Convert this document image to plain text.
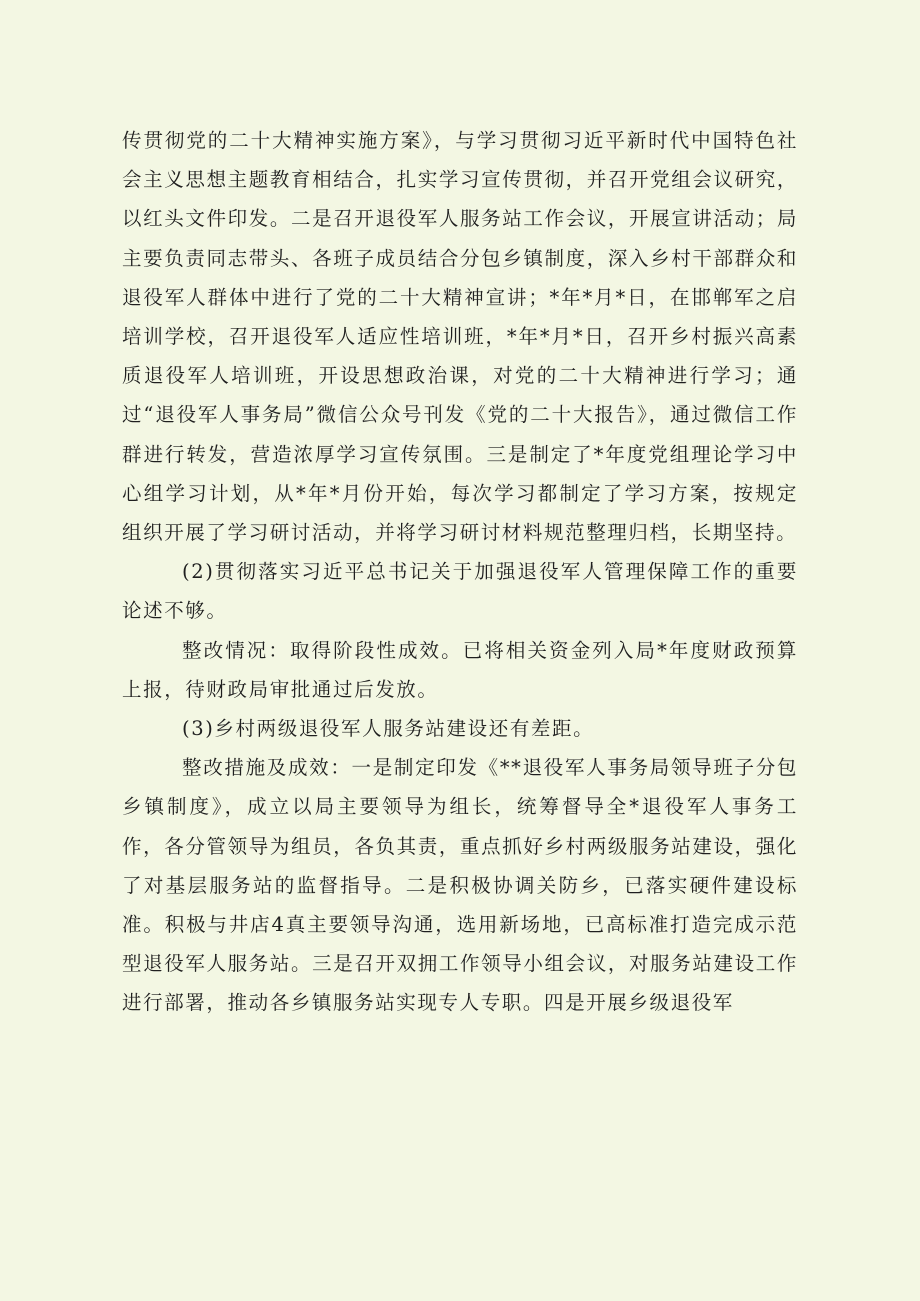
传贯彻党的二十大精神实施方案》，与学习贯彻习近平新时代中国特色社会主义思想主题教育相结合，扎实学习宣传贯彻，并召开党组会议研究，以红头文件印发。二是召开退役军人服务站工作会议，开展宣讲活动；局主要负责同志带头、各班子成员结合分包乡镇制度，深入乡村干部群众和退役军人群体中进行了党的二十大精神宣讲；*年*月*日，在邯郸军之启培训学校，召开退役军人适应性培训班，*年*月*日，召开乡村振兴高素质退役军人培训班，开设思想政治课，对党的二十大精神进行学习；通过“退役军人事务局”微信公众号刊发《党的二十大报告》，通过微信工作群进行转发，营造浓厚学习宣传氛围。三是制定了*年度党组理论学习中心组学习计划，从*年*月份开始，每次学习都制定了学习方案，按规定组织开展了学习研讨活动，并将学习研讨材料规范整理归档，长期坚持。

(2)贯彻落实习近平总书记关于加强退役军人管理保障工作的重要论述不够。

整改情况：取得阶段性成效。已将相关资金列入局*年度财政预算上报，待财政局审批通过后发放。

(3)乡村两级退役军人服务站建设还有差距。

整改措施及成效：一是制定印发《**退役军人事务局领导班子分包乡镇制度》，成立以局主要领导为组长，统筹督导全*退役军人事务工作，各分管领导为组员，各负其责，重点抓好乡村两级服务站建设，强化了对基层服务站的监督指导。二是积极协调关防乡，已落实硬件建设标准。积极与井店4真主要领导沟通，选用新场地，已高标准打造完成示范型退役军人服务站。三是召开双拥工作领导小组会议，对服务站建设工作进行部署，推动各乡镇服务站实现专人专职。四是开展乡级退役军
